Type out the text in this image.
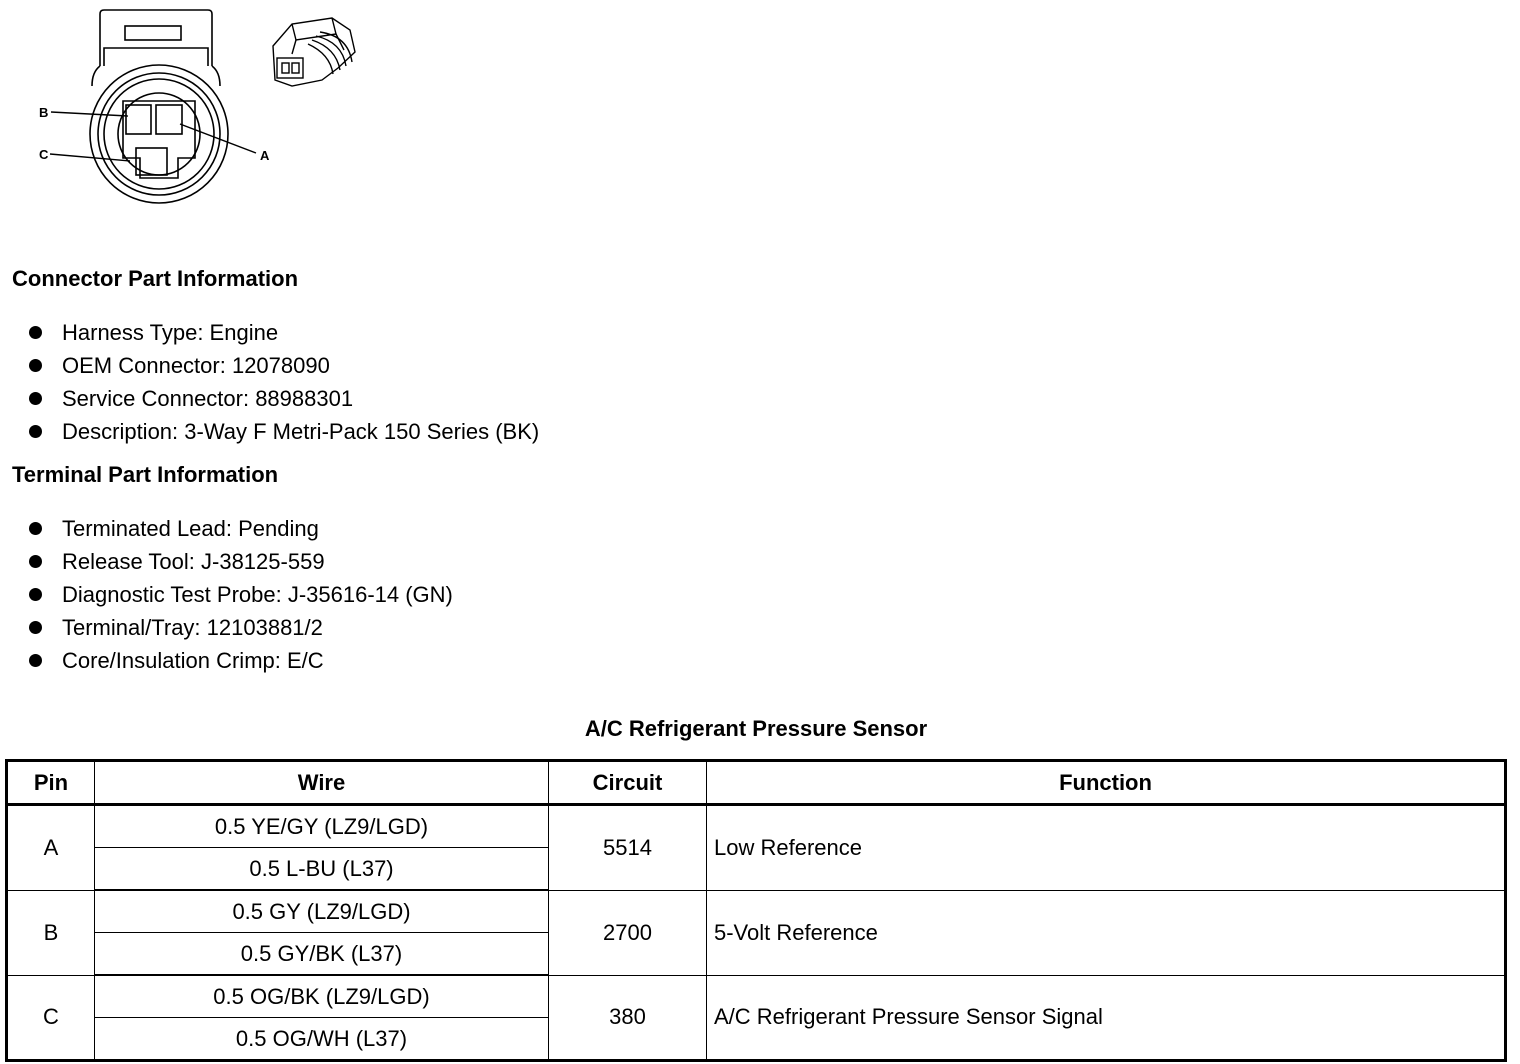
B
C	A
Connector Part Information
Harness Type: Engine
OEM Connector: 12078090
Service Connector: 88988301
Description: 3-Way F Metri-Pack 150 Series (BK)
Terminal Part Information
Terminated Lead: Pending
Release Tool: J-38125-559
Diagnostic Test Probe: J-35616-14 (GN)
Terminal/Tray: 12103881/2
Core/Insulation Crimp: E/C
A/C Refrigerant Pressure Sensor
Pin	Wire	Circuit	Function
A	0.5 YE/GY (LZ9/LGD)	5514	Low Reference
	0.5 L-BU (L37)		
B	0.5 GY (LZ9/LGD)	2700	5-Volt Reference
	0.5 GY/BK (L37)		
C	0.5 OG/BK (LZ9/LGD)	380	A/C Refrigerant Pressure Sensor Signal
	0.5 OG/WH (L37)		
